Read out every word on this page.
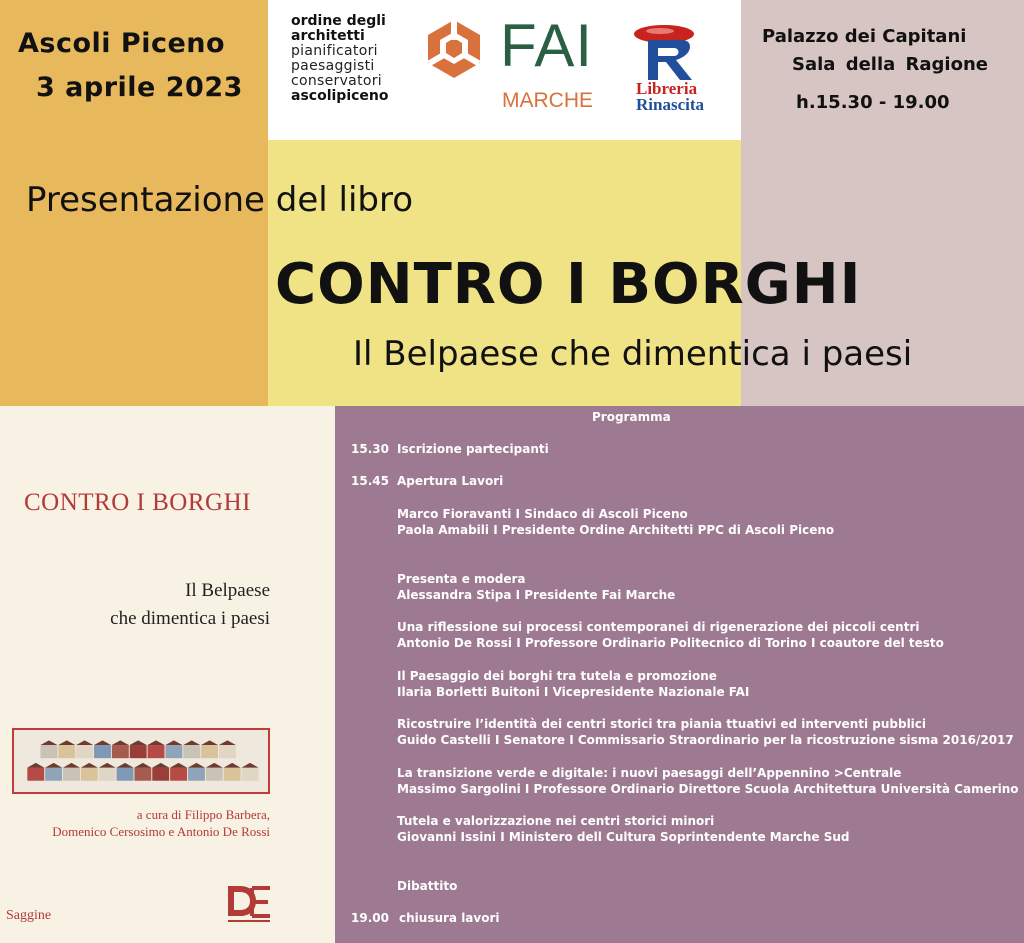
Ascoli Piceno
3 aprile 2023
Palazzo dei Capitani
Sala della Ragione
h.15.30 - 19.00
ordine degli
architetti
pianificatori
paesaggisti
conservatori
ascolipiceno
FAI
MARCHE
Libreria
Rinascita
Presentazione del libro
CONTRO I BORGHI
Il Belpaese che dimentica i paesi
CONTRO I BORGHI
Il Belpaese
che dimentica i paesi
a cura di Filippo Barbera,
Domenico Cersosimo e Antonio De Rossi
Saggine
Programma
15.30 Iscrizione partecipanti
15.45 Apertura Lavori
Marco Fioravanti I Sindaco di Ascoli Piceno
Paola Amabili I Presidente Ordine Architetti PPC di Ascoli Piceno
Presenta e modera
Alessandra Stipa I Presidente Fai Marche
Una riflessione sui processi contemporanei di rigenerazione dei piccoli centri
Antonio De Rossi I Professore Ordinario Politecnico di Torino I coautore del testo
Il Paesaggio dei borghi tra tutela e promozione
Ilaria Borletti Buitoni I Vicepresidente Nazionale FAI
Ricostruire l’identità dei centri storici tra piania ttuativi ed interventi pubblici
Guido Castelli I Senatore I Commissario Straordinario per la ricostruzione sisma 2016/2017
La transizione verde e digitale: i nuovi paesaggi dell’Appennino >Centrale
Massimo Sargolini I Professore Ordinario Direttore Scuola Architettura Università Camerino
Tutela e valorizzazione nei centri storici minori
Giovanni Issini I Ministero dell Cultura Soprintendente Marche Sud
Dibattito
19.00 chiusura lavori
